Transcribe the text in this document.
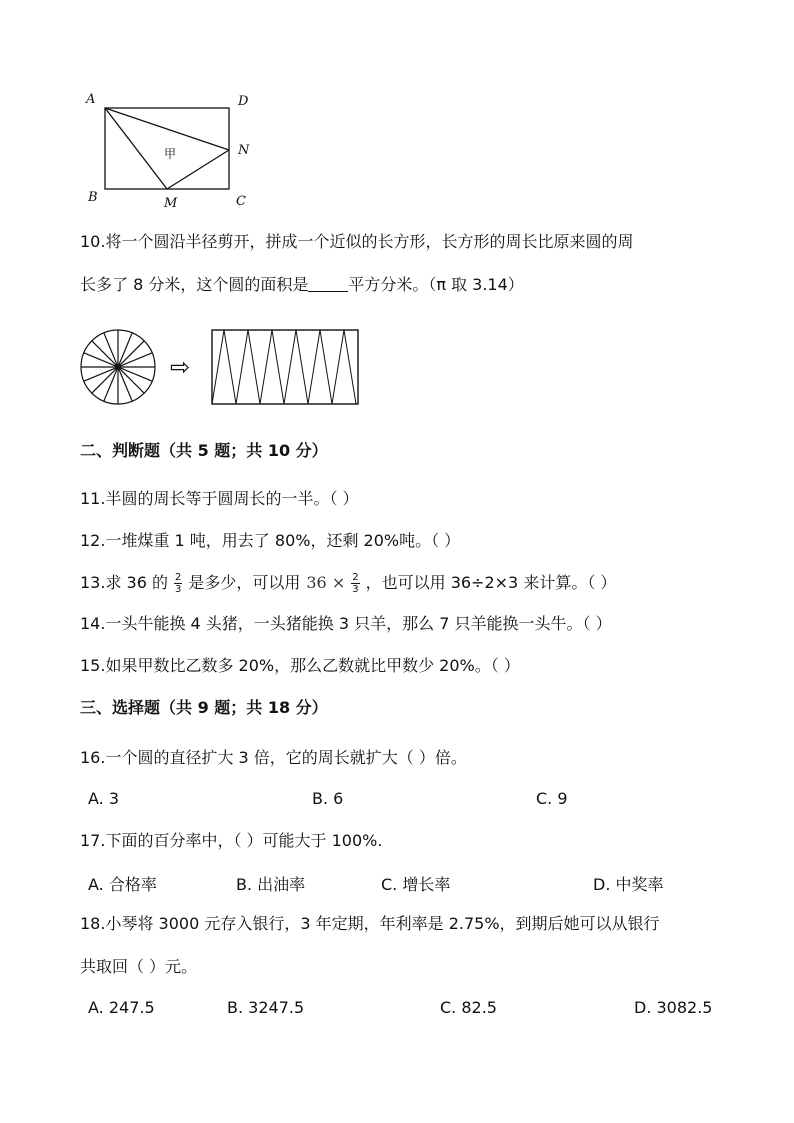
A	D
N
B	M	C
甲
10.将一个圆沿半径剪开，拼成一个近似的长方形，长方形的周长比原来圆的周
长多了 8 分米，这个圆的面积是	平方分米。（π 取 3.14）
⇨
二、判断题（共 5 题；共 10 分）
11.半圆的周长等于圆周长的一半。（ ）
12.一堆煤重 1 吨，用去了 80%，还剩 20%吨。（ ）
13.求 36 的 $\frac{2}{3}$ 是多少，可以用 $36 \times \frac{2}{3}$ ，也可以用 36÷2×3 来计算。（ ）
14.一头牛能换 4 头猪，一头猪能换 3 只羊，那么 7 只羊能换一头牛。（ ）
15.如果甲数比乙数多 20%，那么乙数就比甲数少 20%。（ ）
三、选择题（共 9 题；共 18 分）
16.一个圆的直径扩大 3 倍，它的周长就扩大（ ）倍。
A. 3	B. 6	C. 9
17.下面的百分率中，（ ）可能大于 100%.
A. 合格率	B. 出油率	C. 增长率	D. 中奖率
18.小琴将 3000 元存入银行，3 年定期，年利率是 2.75%，到期后她可以从银行
共取回（ ）元。
A. 247.5	B. 3247.5	C. 82.5	D. 3082.5
